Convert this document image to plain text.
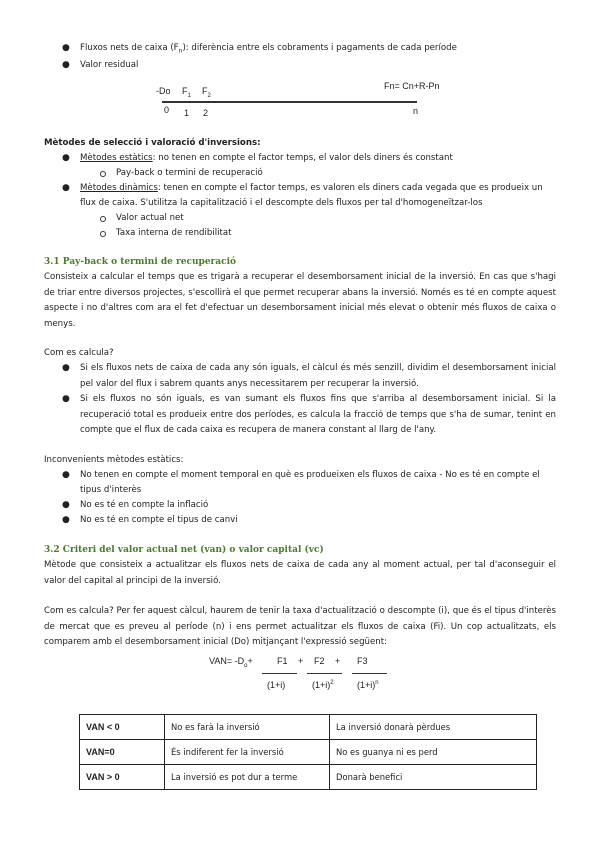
● Fluxos nets de caixa $(F_n)$: diferència entre els cobraments i pagaments de cada període
● Valor residual
-Do $F_1$ $F_2$
Fn= Cn+R-Pn
0 1 2	n
Mètodes de selecció i valoració d'inversions:
● Mètodes estàtics: no tenen en compte el factor temps, el valor dels diners és constant
Pay-back o termini de recuperació
● Mètodes dinàmics: tenen en compte el factor temps, es valoren els diners cada vegada que es produeix un
flux de caixa. S'utilitza la capitalització i el descompte dels fluxos per tal d'homogeneïtzar-los
Valor actual net
Taxa interna de rendibilitat
3.1 Pay-back o termini de recuperació
Consisteix a calcular el temps que es trigarà a recuperar el desemborsament inicial de la inversió. En cas que s'hagi de triar entre diversos projectes, s'escollirà el que permet recuperar abans la inversió. Només es té en compte aquest aspecte i no d'altres com ara el fet d'efectuar un desemborsament inicial més elevat o obtenir més fluxos de caixa o menys.
Com es calcula?
● Si els fluxos nets de caixa de cada any són iguals, el càlcul és més senzill, dividim el desemborsament inicial pel valor del flux i sabrem quants anys necessitarem per recuperar la inversió.
● Si els fluxos no són iguals, es van sumant els fluxos fins que s'arriba al desemborsament inicial. Si la recuperació total es produeix entre dos períodes, es calcula la fracció de temps que s'ha de sumar, tenint en compte que el flux de cada caixa es recupera de manera constant al llarg de l'any.
Inconvenients mètodes estàtics:
● No tenen en compte el moment temporal en què es produeixen els fluxos de caixa - No es té en compte el
tipus d'interès
● No es té en compte la inflació
● No es té en compte el tipus de canvi
3.2 Criteri del valor actual net (van) o valor capital (vc)
Mètode que consisteix a actualitzar els fluxos nets de caixa de cada any al moment actual, per tal d'aconseguir el valor del capital al principi de la inversió.
Com es calcula? Per fer aquest càlcul, haurem de tenir la taxa d'actualització o descompte (i), que és el tipus d'interès de mercat que es preveu al període (n) i ens permet actualitzar els fluxos de caixa (Fi). Un cop actualitzats, els comparem amb el desemborsament inicial (Do) mitjançant l'expressió següent:
$VAN= -D_o+$	F1 + F2 + F3
(1+i)	$(1+i)^2$	$(1+i)^n$
VAN < 0	No es farà la inversió	La inversió donarà pèrdues
VAN=0	És indiferent fer la inversió	No es guanya ni es perd
VAN > 0	La inversió es pot dur a terme	Donarà benefici
